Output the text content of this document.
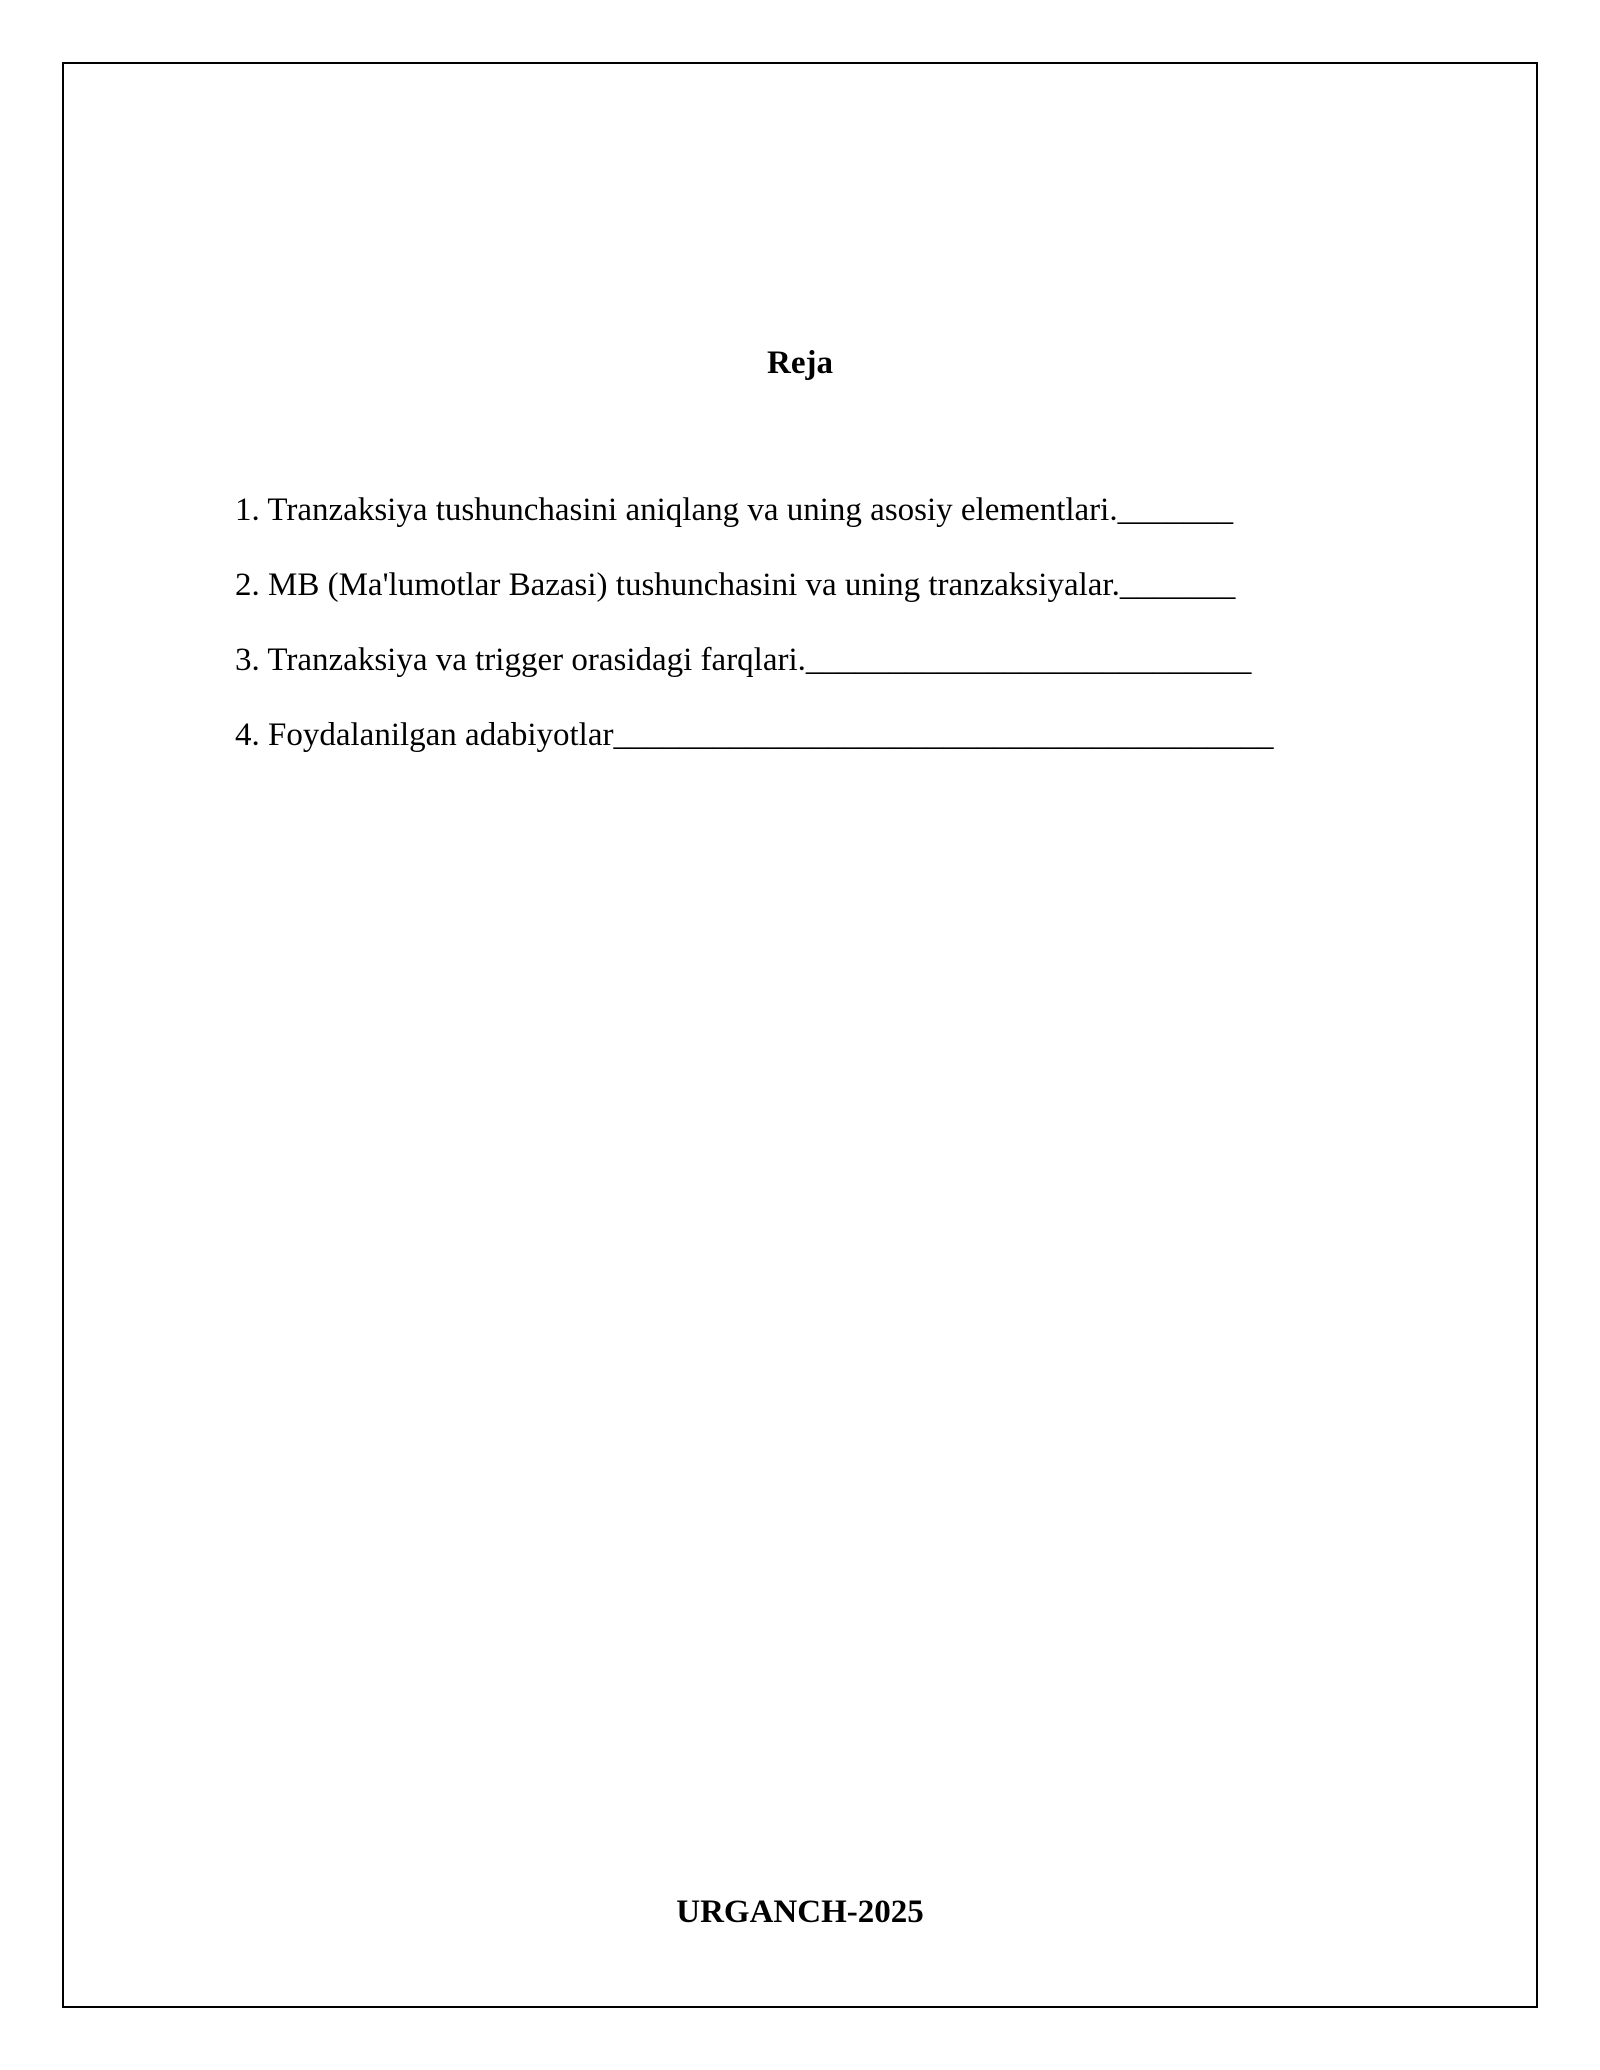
Reja
1. Tranzaksiya tushunchasini aniqlang va uning asosiy elementlari._______
2. MB (Ma'lumotlar Bazasi) tushunchasini va uning tranzaksiyalar._______
3. Tranzaksiya va trigger orasidagi farqlari.___________________________
4. Foydalanilgan adabiyotlar________________________________________
URGANCH-2025
